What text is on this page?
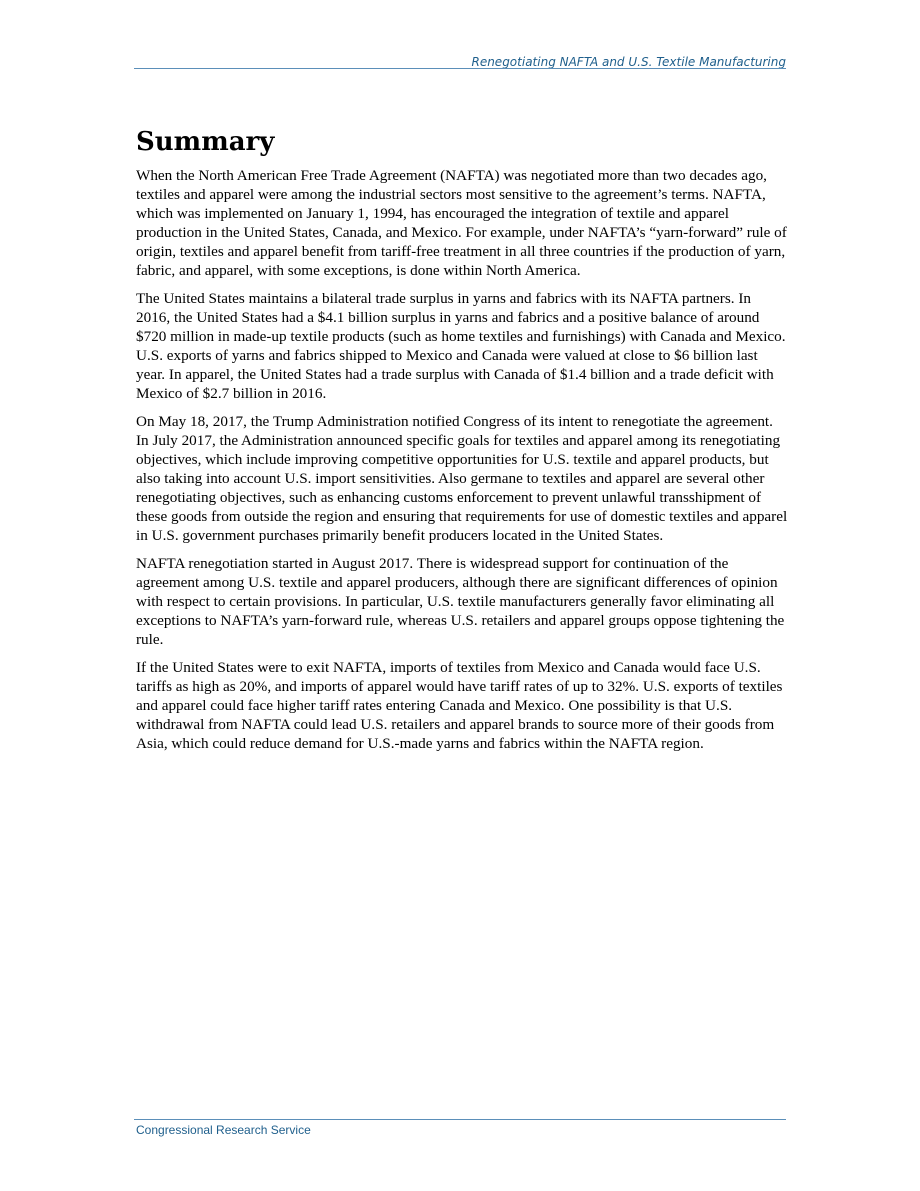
Renegotiating NAFTA and U.S. Textile Manufacturing
Summary

When the North American Free Trade Agreement (NAFTA) was negotiated more than two decades ago, textiles and apparel were among the industrial sectors most sensitive to the agreement’s terms. NAFTA, which was implemented on January 1, 1994, has encouraged the integration of textile and apparel production in the United States, Canada, and Mexico. For example, under NAFTA’s “yarn-forward” rule of origin, textiles and apparel benefit from tariff-free treatment in all three countries if the production of yarn, fabric, and apparel, with some exceptions, is done within North America.

The United States maintains a bilateral trade surplus in yarns and fabrics with its NAFTA partners. In 2016, the United States had a $4.1 billion surplus in yarns and fabrics and a positive balance of around $720 million in made-up textile products (such as home textiles and furnishings) with Canada and Mexico. U.S. exports of yarns and fabrics shipped to Mexico and Canada were valued at close to $6 billion last year. In apparel, the United States had a trade surplus with Canada of $1.4 billion and a trade deficit with Mexico of $2.7 billion in 2016.

On May 18, 2017, the Trump Administration notified Congress of its intent to renegotiate the agreement. In July 2017, the Administration announced specific goals for textiles and apparel among its renegotiating objectives, which include improving competitive opportunities for U.S. textile and apparel products, but also taking into account U.S. import sensitivities. Also germane to textiles and apparel are several other renegotiating objectives, such as enhancing customs enforcement to prevent unlawful transshipment of these goods from outside the region and ensuring that requirements for use of domestic textiles and apparel in U.S. government purchases primarily benefit producers located in the United States.

NAFTA renegotiation started in August 2017. There is widespread support for continuation of the agreement among U.S. textile and apparel producers, although there are significant differences of opinion with respect to certain provisions. In particular, U.S. textile manufacturers generally favor eliminating all exceptions to NAFTA’s yarn-forward rule, whereas U.S. retailers and apparel groups oppose tightening the rule.

If the United States were to exit NAFTA, imports of textiles from Mexico and Canada would face U.S. tariffs as high as 20%, and imports of apparel would have tariff rates of up to 32%. U.S. exports of textiles and apparel could face higher tariff rates entering Canada and Mexico. One possibility is that U.S. withdrawal from NAFTA could lead U.S. retailers and apparel brands to source more of their goods from Asia, which could reduce demand for U.S.-made yarns and fabrics within the NAFTA region.

Congressional Research Service
